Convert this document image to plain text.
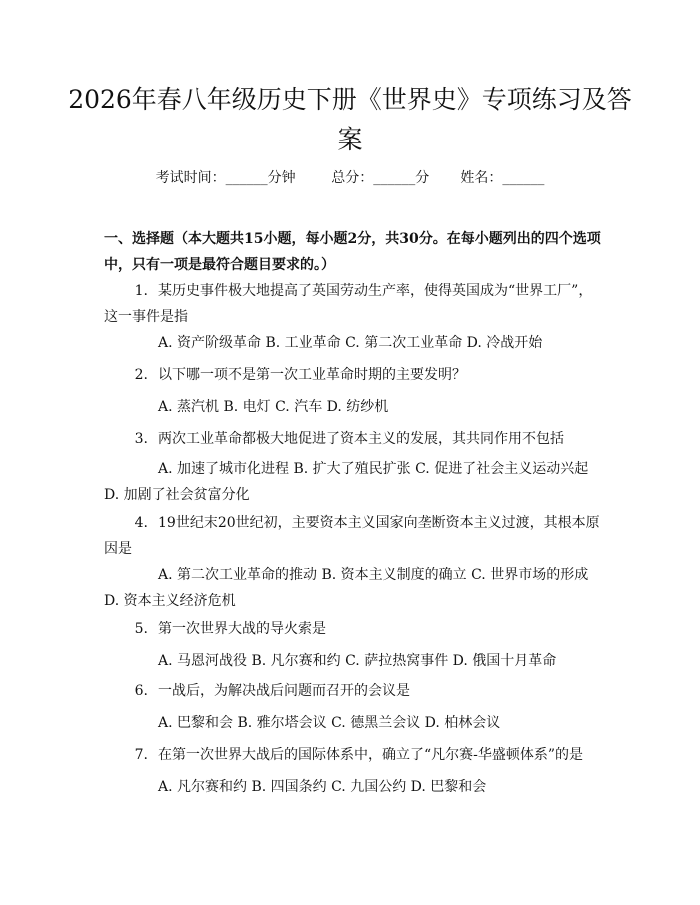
2026年春八年级历史下册《世界史》专项练习及答案
考试时间：______分钟	总分：______分 姓名：______

一、选择题（本大题共15小题，每小题2分，共30分。在每小题列出的四个选项中，只有一项是最符合题目要求的。）

1. 某历史事件极大地提高了英国劳动生产率，使得英国成为“世界工厂”，这一事件是指
A. 资产阶级革命 B. 工业革命 C. 第二次工业革命 D. 冷战开始
2. 以下哪一项不是第一次工业革命时期的主要发明？
A. 蒸汽机 B. 电灯 C. 汽车 D. 纺纱机
3. 两次工业革命都极大地促进了资本主义的发展，其共同作用不包括
A. 加速了城市化进程 B. 扩大了殖民扩张 C. 促进了社会主义运动兴起 D. 加剧了社会贫富分化
4. 19世纪末20世纪初，主要资本主义国家向垄断资本主义过渡，其根本原因是
A. 第二次工业革命的推动 B. 资本主义制度的确立 C. 世界市场的形成 D. 资本主义经济危机
5. 第一次世界大战的导火索是
A. 马恩河战役 B. 凡尔赛和约 C. 萨拉热窝事件 D. 俄国十月革命
6. 一战后，为解决战后问题而召开的会议是
A. 巴黎和会 B. 雅尔塔会议 C. 德黑兰会议 D. 柏林会议
7. 在第一次世界大战后的国际体系中，确立了“凡尔赛-华盛顿体系”的是
A. 凡尔赛和约 B. 四国条约 C. 九国公约 D. 巴黎和会
